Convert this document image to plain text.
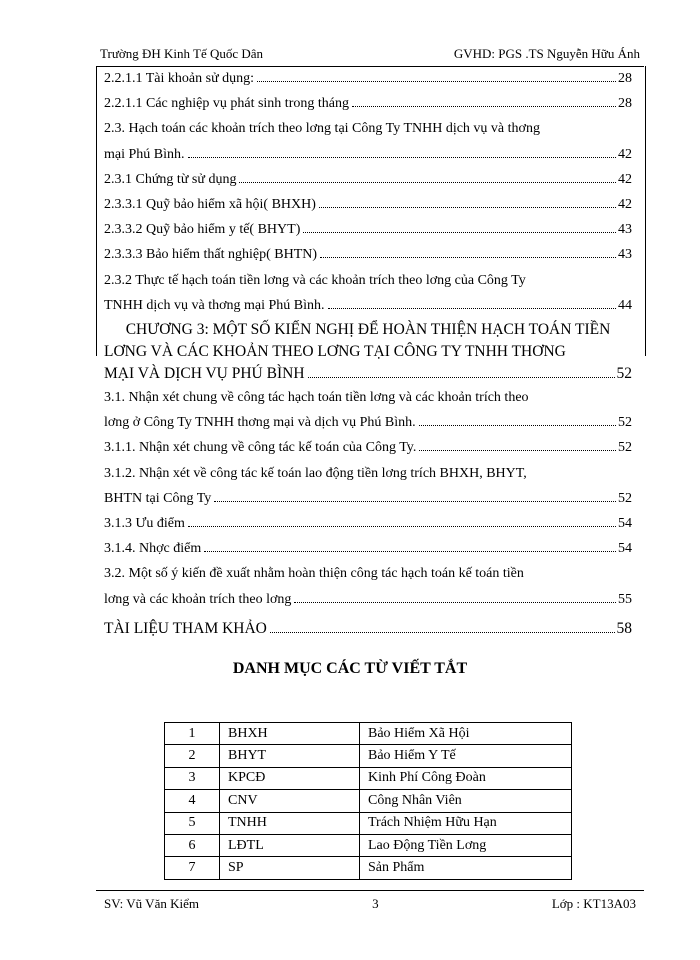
Trường ĐH Kinh Tế Quốc Dân	GVHD: PGS .TS Nguyễn Hữu Ánh
2.2.1.1 Tài khoản sử dụng:	28
2.2.1.1 Các nghiệp vụ phát sinh trong tháng	28
2.3. Hạch toán các khoản trích theo lơng tại Công Ty TNHH dịch vụ và thơng
mại Phú Bình.	42
2.3.1 Chứng từ sử dụng	42
2.3.3.1 Quỹ bảo hiểm xã hội( BHXH)	42
2.3.3.2 Quỹ bảo hiểm y tế( BHYT)	43
2.3.3.3 Bảo hiểm thất nghiệp( BHTN)	43
2.3.2 Thực tế hạch toán tiền lơng và các khoản trích theo lơng của Công Ty
TNHH dịch vụ và thơng mại Phú Bình.	44
CHƯƠNG 3: MỘT SỐ KIẾN NGHỊ ĐỂ HOÀN THIỆN HẠCH TOÁN TIỀN
LƠNG VÀ CÁC KHOẢN THEO LƠNG TẠI CÔNG TY TNHH THƠNG
MẠI VÀ DỊCH VỤ PHÚ BÌNH	52
3.1. Nhận xét chung về công tác hạch toán tiền lơng và các khoản trích theo
lơng ở Công Ty TNHH thơng mại và dịch vụ Phú Bình.	52
3.1.1. Nhận xét chung về công tác kế toán của Công Ty.	52
3.1.2. Nhận xét về công tác kế toán lao động tiền lơng trích BHXH, BHYT,
BHTN tại Công Ty	52
3.1.3 Ưu điểm	54
3.1.4. Nhợc điểm	54
3.2. Một số ý kiến đề xuất nhằm hoàn thiện công tác hạch toán kế toán tiền
lơng và các khoản trích theo lơng	55
TÀI LIỆU THAM KHẢO	58
DANH MỤC CÁC TỪ VIẾT TẮT
1	BHXH	Bảo Hiểm Xã Hội
2	BHYT	Bảo Hiểm Y Tế
3	KPCĐ	Kinh Phí Công Đoàn
4	CNV	Công Nhân Viên
5	TNHH	Trách Nhiệm Hữu Hạn
6	LĐTL	Lao Động Tiền Lơng
7	SP	Sản Phẩm
SV: Vũ Văn Kiểm	3	Lớp : KT13A03
